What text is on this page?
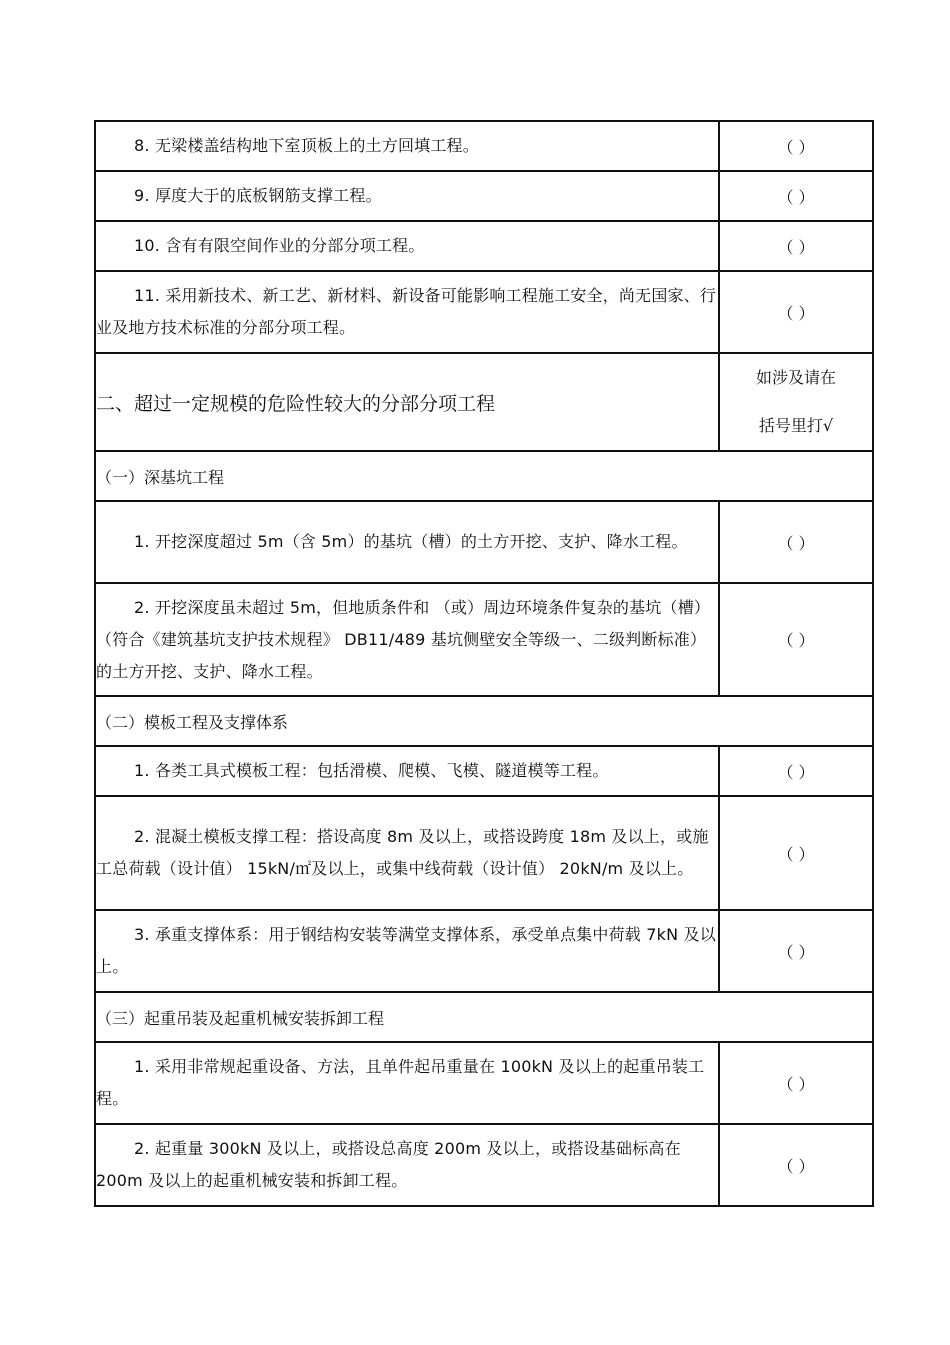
8. 无梁楼盖结构地下室顶板上的土方回填工程。	（ ）

9. 厚度大于的底板钢筋支撑工程。	（ ）

10. 含有有限空间作业的分部分项工程。	（ ）

11. 采用新技术、新工艺、新材料、新设备可能影响工程施工安全，尚无国家、行业及地方技术标准的分部分项工程。	（ ）
二、超过一定规模的危险性较大的分部分项工程	如涉及请在
括号里打√

（一）深基坑工程	

1. 开挖深度超过 5m（含 5m）的基坑（槽）的土方开挖、支护、降水工程。	（ ）

2. 开挖深度虽未超过 5m，但地质条件和 （或）周边环境条件复杂的基坑（槽）（符合《建筑基坑支护技术规程》 DB11/489 基坑侧壁安全等级一、二级判断标准）的土方开挖、支护、降水工程。	（ ）
（二）模板工程及支撑体系	

1. 各类工具式模板工程：包括滑模、爬模、飞模、隧道模等工程。	（ ）

2. 混凝土模板支撑工程：搭设高度 8m 及以上，或搭设跨度 18m 及以上，或施工总荷载（设计值） 15kN/㎡及以上，或集中线荷载（设计值） 20kN/m 及以上。	（ ）

3. 承重支撑体系：用于钢结构安装等满堂支撑体系，承受单点集中荷载 7kN 及以上。	（ ）
（三）起重吊装及起重机械安装拆卸工程	

1. 采用非常规起重设备、方法，且单件起吊重量在 100kN 及以上的起重吊装工程。	（ ）

2. 起重量 300kN 及以上，或搭设总高度 200m 及以上，或搭设基础标高在 200m 及以上的起重机械安装和拆卸工程。	（ ）
